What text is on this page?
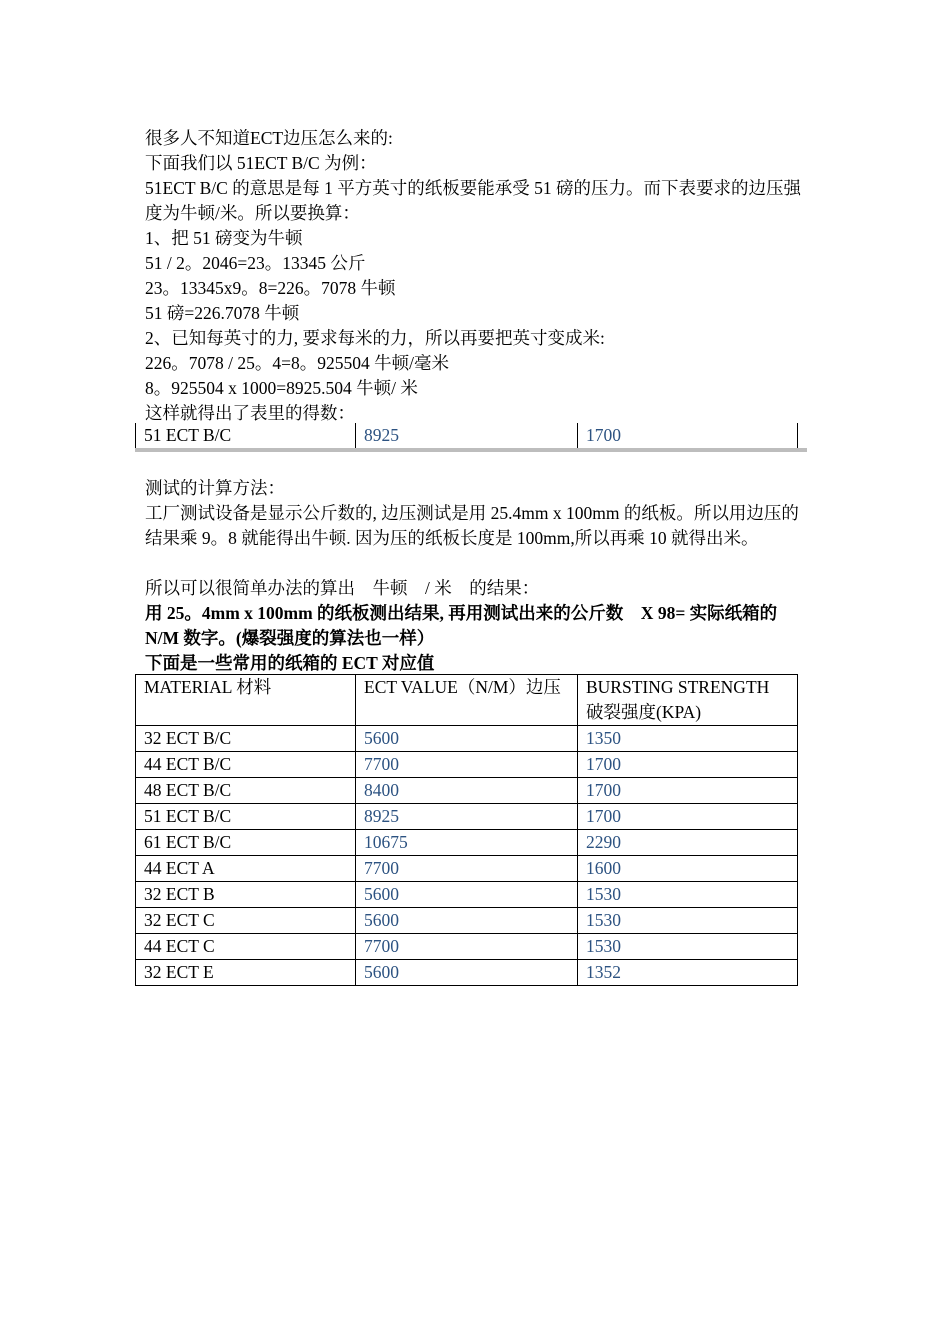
很多人不知道ECT边压怎么来的:

下面我们以 51ECT B/C 为例：

51ECT B/C 的意思是每 1 平方英寸的纸板要能承受 51 磅的压力。而下表要求的边压强度为牛顿/米。所以要换算：

1、把 51 磅变为牛顿

51 / 2。2046=23。13345 公斤

23。13345x9。8=226。7078 牛顿

51 磅=226.7078 牛顿

2、已知每英寸的力, 要求每米的力，所以再要把英寸变成米:

226。7078 / 25。4=8。925504 牛顿/毫米

8。925504 x 1000=8925.504 牛顿/ 米

这样就得出了表里的得数：

51 ECT B/C	8925	1700

测试的计算方法：

工厂测试设备是显示公斤数的, 边压测试是用 25.4mm x 100mm 的纸板。所以用边压的结果乘 9。8 就能得出牛顿. 因为压的纸板长度是 100mm,所以再乘 10 就得出米。

所以可以很简单办法的算出    牛顿    / 米    的结果：

用 25。4mm x 100mm 的纸板测出结果, 再用测试出来的公斤数    X 98= 实际纸箱的 N/M 数字。(爆裂强度的算法也一样）

下面是一些常用的纸箱的 ECT 对应值

MATERIAL 材料	ECT VALUE（N/M）边压	BURSTING STRENGTH 破裂强度(KPA)
32 ECT B/C	5600	1350
44 ECT B/C	7700	1700
48 ECT B/C	8400	1700
51 ECT B/C	8925	1700
61 ECT B/C	10675	2290
44 ECT A	7700	1600
32 ECT B	5600	1530
32 ECT C	5600	1530
44 ECT C	7700	1530
32 ECT E	5600	1352
